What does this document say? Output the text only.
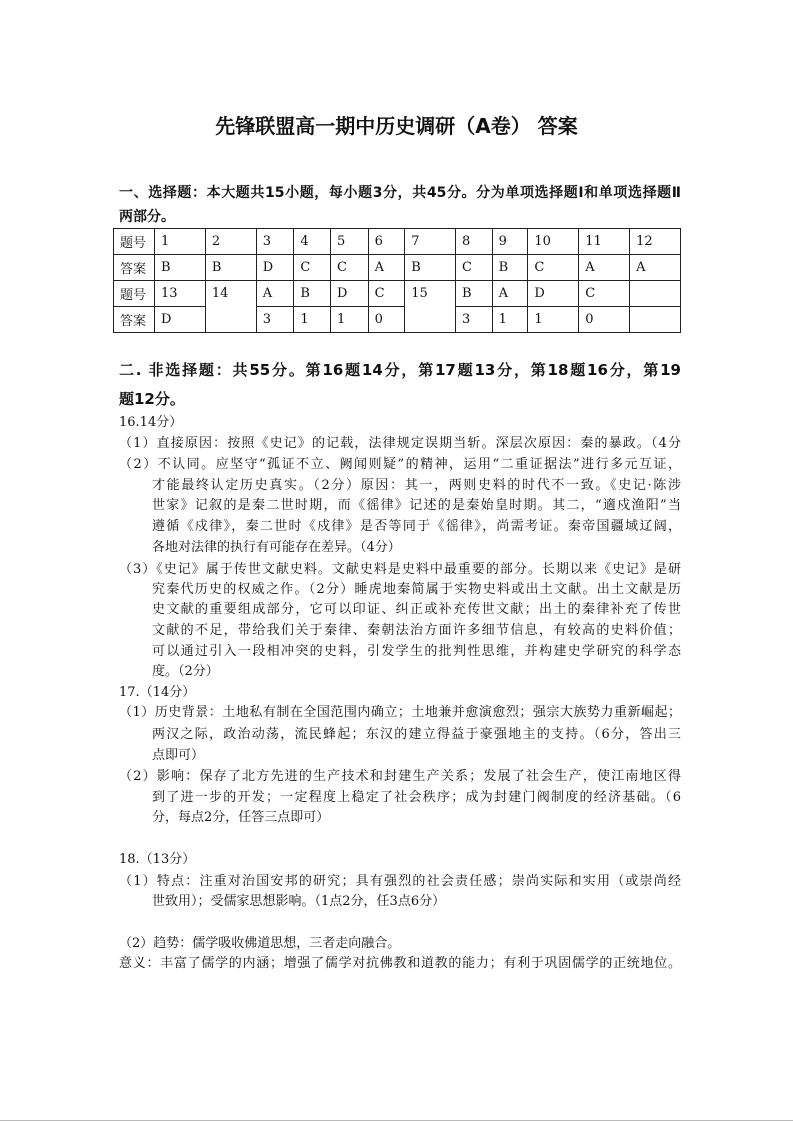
先锋联盟高一期中历史调研（A卷） 答案
一、选择题：本大题共15小题，每小题3分，共45分。分为单项选择题Ⅰ和单项选择题Ⅱ
两部分。
题号	1	2	3	4	5	6	7	8	9	10	11	12
答案	B	B	D	C	C	A	B	C	B	C	A	A
题号	13	14	A	B	D	C	15	B	A	D	C	
答案	D		3	1	1	0		3	1	1	0	
二. 非选择题：共55分。第16题14分，第17题13分，第18题16分，第19
题12分。
16.14分）
（1）直接原因：按照《史记》的记载，法律规定误期当斩。深层次原因：秦的暴政。（4分
（2）不认同。应坚守“孤证不立、阙闻则疑”的精神，运用“二重证据法”进行多元互证，
才能最终认定历史真实。（2分）原因：其一，两则史料的时代不一致。《史记·陈涉
世家》记叙的是秦二世时期，而《徭律》记述的是秦始皇时期。其二，“適戍渔阳”当
遵循《戍律》，秦二世时《戍律》是否等同于《徭律》，尚需考证。秦帝国疆域辽阔，
各地对法律的执行有可能存在差异。（4分）
（3）《史记》属于传世文献史料。文献史料是史料中最重要的部分。长期以来《史记》是研
究秦代历史的权威之作。（2分）睡虎地秦简属于实物史料或出土文献。出土文献是历
史文献的重要组成部分，它可以印证、纠正或补充传世文献；出土的秦律补充了传世
文献的不足，带给我们关于秦律、秦朝法治方面许多细节信息，有较高的史料价值；
可以通过引入一段相冲突的史料，引发学生的批判性思维，并构建史学研究的科学态
度。（2分）
17.（14分）
（1）历史背景：土地私有制在全国范围内确立；土地兼并愈演愈烈；强宗大族势力重新崛起；
两汉之际，政治动荡，流民蜂起；东汉的建立得益于豪强地主的支持。（6分，答出三
点即可）
（2）影响：保存了北方先进的生产技术和封建生产关系；发展了社会生产，使江南地区得
到了进一步的开发；一定程度上稳定了社会秩序；成为封建门阀制度的经济基础。（6
分，每点2分，任答三点即可）
18.（13分）
（1）特点：注重对治国安邦的研究；具有强烈的社会责任感；崇尚实际和实用（或崇尚经
世致用）；受儒家思想影响。（1点2分，任3点6分）
（2）趋势：儒学吸收佛道思想，三者走向融合。
意义：丰富了儒学的内涵；增强了儒学对抗佛教和道教的能力；有利于巩固儒学的正统地位。
